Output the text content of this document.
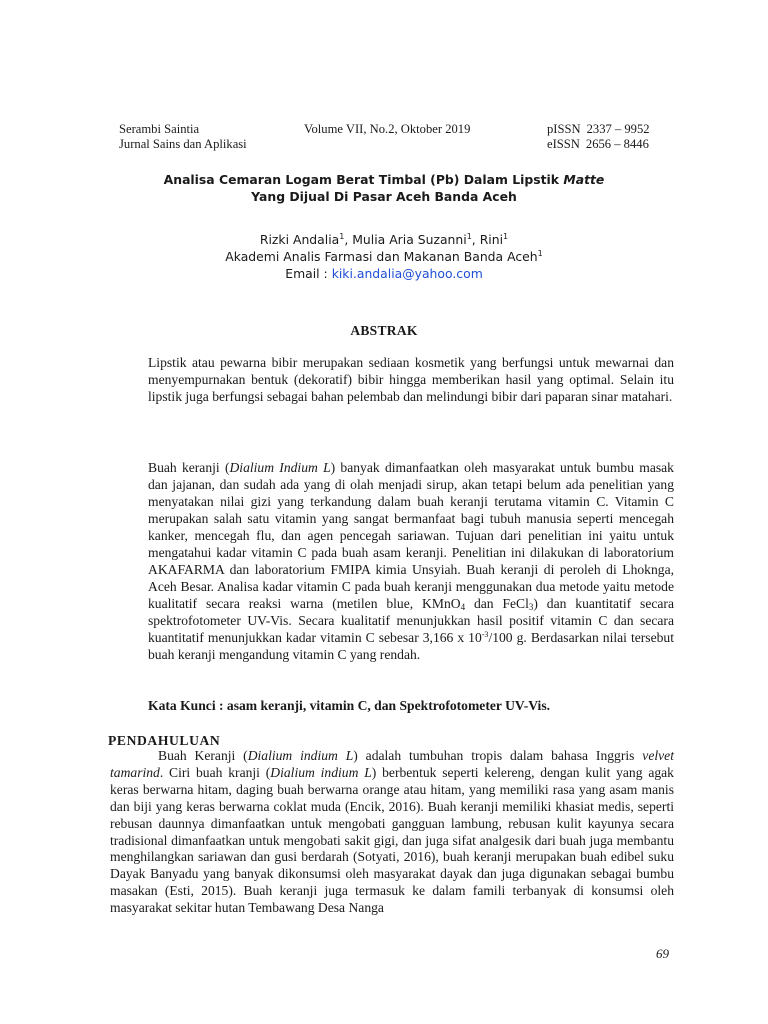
Serambi Saintia
Jurnal Sains dan Aplikasi
Volume VII, No.2, Oktober 2019	pISSN 2337 – 9952
eISSN 2656 – 8446
Analisa Cemaran Logam Berat Timbal (Pb) Dalam Lipstik Matte
Yang Dijual Di Pasar Aceh Banda Aceh
Rizki Andalia$^1$, Mulia Aria Suzanni$^1$, Rini$^1$
Akademi Analis Farmasi dan Makanan Banda Aceh$^1$
Email : kiki.andalia@yahoo.com
ABSTRAK
Lipstik atau pewarna bibir merupakan sediaan kosmetik yang berfungsi untuk mewarnai dan menyempurnakan bentuk (dekoratif) bibir hingga memberikan hasil yang optimal. Selain itu lipstik juga berfungsi sebagai bahan pelembab dan melindungi bibir dari paparan sinar matahari.
Buah keranji (Dialium Indium L) banyak dimanfaatkan oleh masyarakat untuk bumbu masak dan jajanan, dan sudah ada yang di olah menjadi sirup, akan tetapi belum ada penelitian yang menyatakan nilai gizi yang terkandung dalam buah keranji terutama vitamin C. Vitamin C merupakan salah satu vitamin yang sangat bermanfaat bagi tubuh manusia seperti mencegah kanker, mencegah flu, dan agen pencegah sariawan. Tujuan dari penelitian ini yaitu untuk mengatahui kadar vitamin C pada buah asam keranji. Penelitian ini dilakukan di laboratorium AKAFARMA dan laboratorium FMIPA kimia Unsyiah. Buah keranji di peroleh di Lhoknga, Aceh Besar. Analisa kadar vitamin C pada buah keranji menggunakan dua metode yaitu metode kualitatif secara reaksi warna (metilen blue, KMnO$_4$ dan FeCl$_3$) dan kuantitatif secara spektrofotometer UV-Vis. Secara kualitatif menunjukkan hasil positif vitamin C dan secara kuantitatif menunjukkan kadar vitamin C sebesar 3,166 x $10^{-3}/100$ g. Berdasarkan nilai tersebut buah keranji mengandung vitamin C yang rendah.
Kata Kunci : asam keranji, vitamin C, dan Spektrofotometer UV-Vis.
PENDAHULUAN
Buah Keranji (Dialium indium L) adalah tumbuhan tropis dalam bahasa Inggris velvet tamarind. Ciri buah kranji (Dialium indium L) berbentuk seperti kelereng, dengan kulit yang agak keras berwarna hitam, daging buah berwarna orange atau hitam, yang memiliki rasa yang asam manis dan biji yang keras berwarna coklat muda (Encik, 2016). Buah keranji memiliki khasiat medis, seperti rebusan daunnya dimanfaatkan untuk mengobati gangguan lambung, rebusan kulit kayunya secara tradisional dimanfaatkan untuk mengobati sakit gigi, dan juga sifat analgesik dari buah juga membantu menghilangkan sariawan dan gusi berdarah (Sotyati, 2016), buah keranji merupakan buah edibel suku Dayak Banyadu yang banyak dikonsumsi oleh masyarakat dayak dan juga digunakan sebagai bumbu masakan (Esti, 2015). Buah keranji juga termasuk ke dalam famili terbanyak di konsumsi oleh masyarakat sekitar hutan Tembawang Desa Nanga
69
